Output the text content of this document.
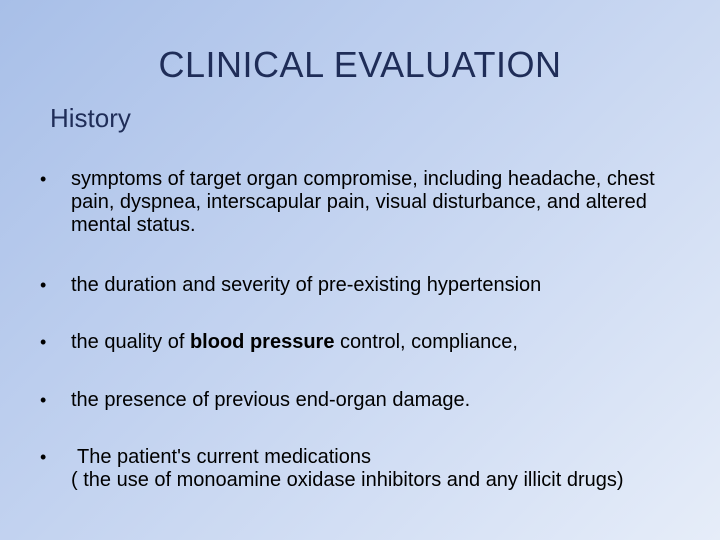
CLINICAL EVALUATION
History
• symptoms of target organ compromise, including headache, chest pain, dyspnea, interscapular pain, visual disturbance, and altered mental status.
• the duration and severity of pre-existing hypertension
• the quality of blood pressure control, compliance,
• the presence of previous end-organ damage.
•	The patient's current medications
( the use of monoamine oxidase inhibitors and any illicit drugs)
